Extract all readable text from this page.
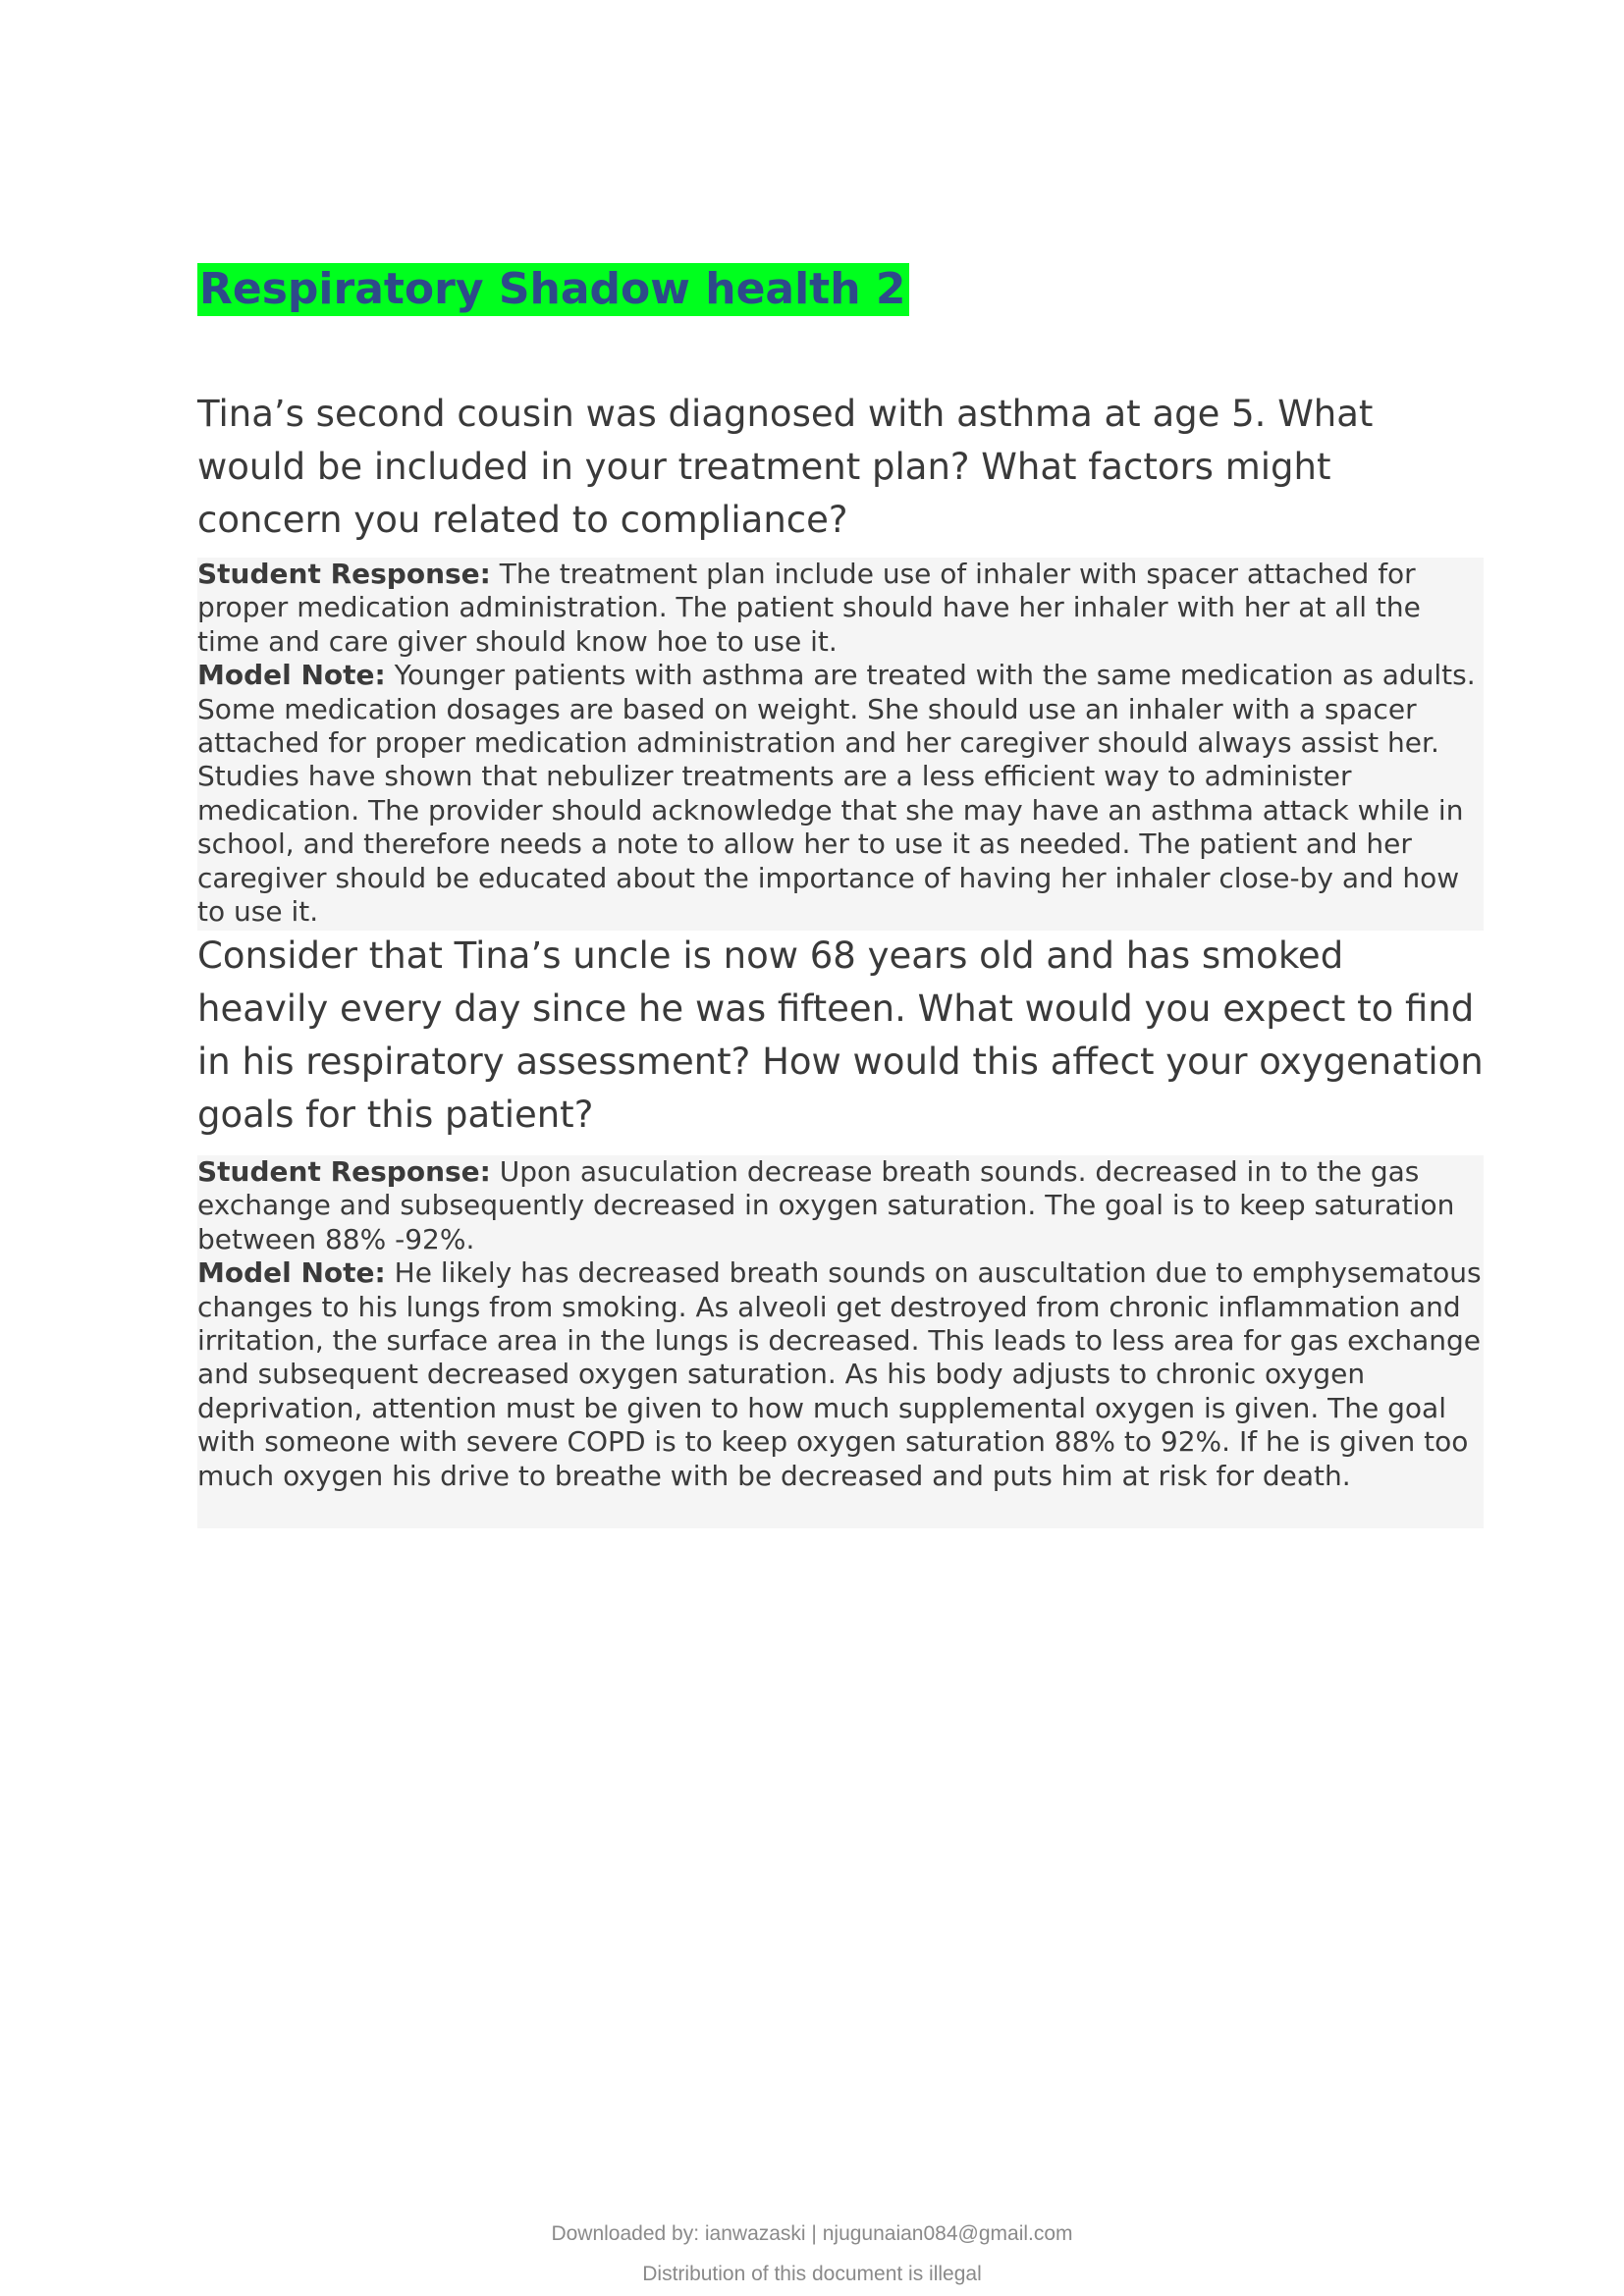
Respiratory Shadow health 2
Tina’s second cousin was diagnosed with asthma at age 5. What would be included in your treatment plan? What factors might concern you related to compliance?

Student Response: The treatment plan include use of inhaler with spacer attached for proper medication administration. The patient should have her inhaler with her at all the time and care giver should know hoe to use it.

Model Note: Younger patients with asthma are treated with the same medication as adults. Some medication dosages are based on weight. She should use an inhaler with a spacer attached for proper medication administration and her caregiver should always assist her. Studies have shown that nebulizer treatments are a less efficient way to administer medication. The provider should acknowledge that she may have an asthma attack while in school, and therefore needs a note to allow her to use it as needed. The patient and her caregiver should be educated about the importance of having her inhaler close-by and how to use it.

Consider that Tina’s uncle is now 68 years old and has smoked heavily every day since he was fifteen. What would you expect to find in his respiratory assessment? How would this affect your oxygenation goals for this patient?

Student Response: Upon asuculation decrease breath sounds. decreased in to the gas exchange and subsequently decreased in oxygen saturation. The goal is to keep saturation between 88% -92%.

Model Note: He likely has decreased breath sounds on auscultation due to emphysematous changes to his lungs from smoking. As alveoli get destroyed from chronic inflammation and irritation, the surface area in the lungs is decreased. This leads to less area for gas exchange and subsequent decreased oxygen saturation. As his body adjusts to chronic oxygen deprivation, attention must be given to how much supplemental oxygen is given. The goal with someone with severe COPD is to keep oxygen saturation 88% to 92%. If he is given too much oxygen his drive to breathe with be decreased and puts him at risk for death.

Downloaded by: ianwazaski | njugunaian084@gmail.com

Distribution of this document is illegal
